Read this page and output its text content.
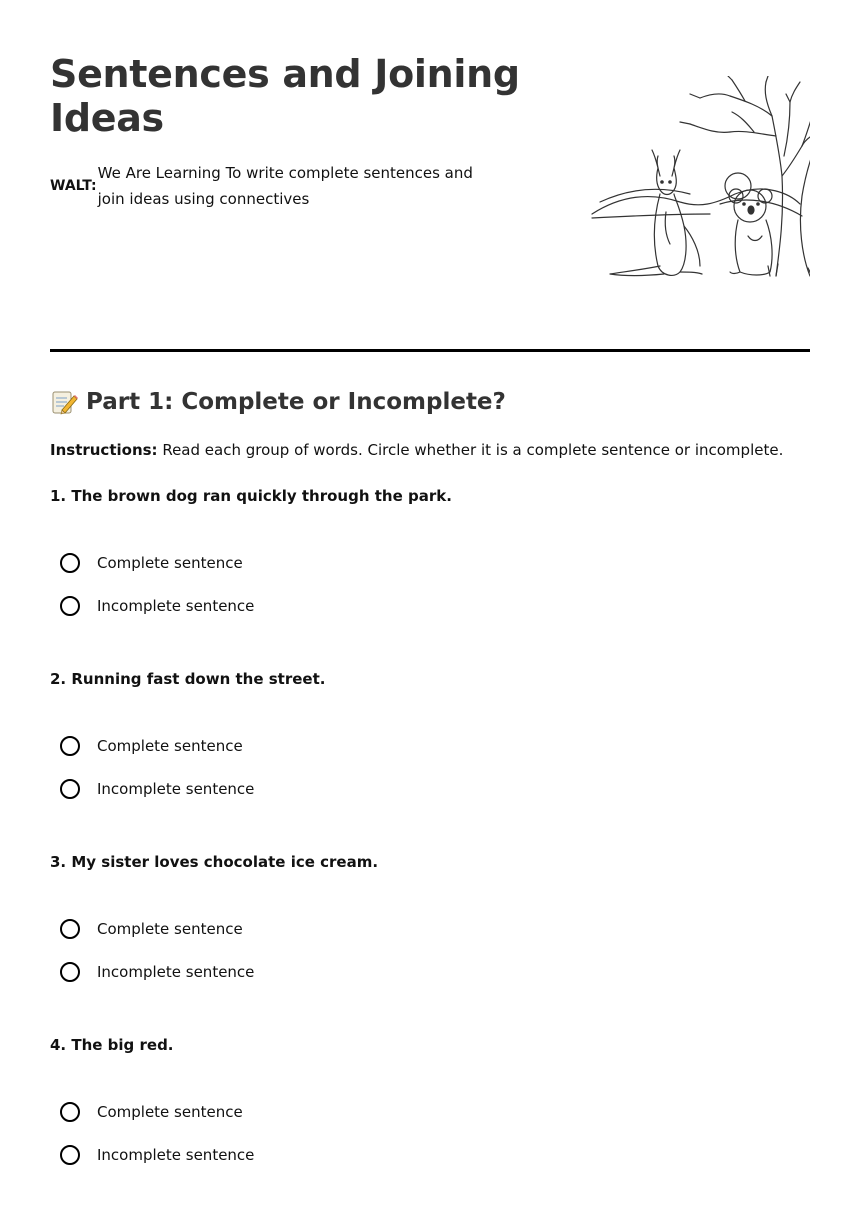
Sentences and Joining Ideas
WALT:
We Are Learning To write complete sentences and join ideas using connectives
Part 1: Complete or Incomplete?
Instructions: Read each group of words. Circle whether it is a complete sentence or incomplete.
1. The brown dog ran quickly through the park.
Complete sentence
Incomplete sentence
2. Running fast down the street.
Complete sentence
Incomplete sentence
3. My sister loves chocolate ice cream.
Complete sentence
Incomplete sentence
4. The big red.
Complete sentence
Incomplete sentence
